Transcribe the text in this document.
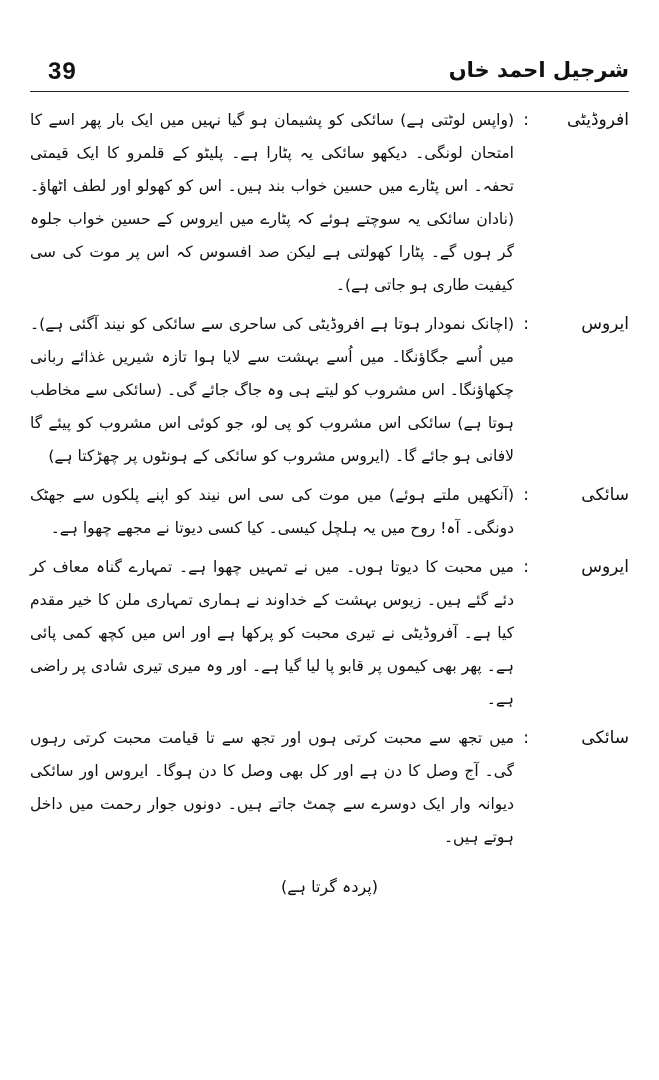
39	شرجیل احمد خاں
افروڈیٹی
:
(واپس لوٹتی ہے) سائکی کو پشیمان ہو گیا نہیں میں ایک بار پھر اسے کا امتحان لونگی۔ دیکھو سائکی یہ پٹارا ہے۔ پلیٹو کے قلمرو کا ایک قیمتی تحفہ۔ اس پٹارے میں حسین خواب بند ہیں۔ اس کو کھولو اور لطف اٹھاؤ۔ (نادان سائکی یہ سوچتے ہوئے کہ پٹارے میں ایروس کے حسین خواب جلوہ گر ہوں گے۔ پٹارا کھولتی ہے لیکن صد افسوس کہ اس پر موت کی سی کیفیت طاری ہو جاتی ہے)۔
ایروس
:
(اچانک نمودار ہوتا ہے افروڈیٹی کی ساحری سے سائکی کو نیند آگئی ہے)۔ میں اُسے جگاؤنگا۔ میں اُسے بہشت سے لایا ہوا تازہ شیریں غذائے ربانی چکھاؤنگا۔ اس مشروب کو لیتے ہی وہ جاگ جائے گی۔ (سائکی سے مخاطب ہوتا ہے) سائکی اس مشروب کو پی لو، جو کوئی اس مشروب کو پیئے گا لافانی ہو جائے گا۔ (ایروس مشروب کو سائکی کے ہونٹوں پر چھڑکتا ہے)
سائکی
:
(آنکھیں ملتے ہوئے) میں موت کی سی اس نیند کو اپنے پلکوں سے جھٹک دونگی۔ آہ! روح میں یہ ہلچل کیسی۔ کیا کسی دیوتا نے مجھے چھوا ہے۔
ایروس
:
میں محبت کا دیوتا ہوں۔ میں نے تمہیں چھوا ہے۔ تمہارے گناہ معاف کر دئے گئے ہیں۔ زیوس بہشت کے خداوند نے ہماری تمہاری ملن کا خیر مقدم کیا ہے۔ آفروڈیٹی نے تیری محبت کو پرکھا ہے اور اس میں کچھ کمی پائی ہے۔ پھر بھی کیموں پر قابو پا لیا گیا ہے۔ اور وہ میری تیری شادی پر راضی ہے۔
سائکی
:
میں تجھ سے محبت کرتی ہوں اور تجھ سے تا قیامت محبت کرتی رہوں گی۔ آج وصل کا دن ہے اور کل بھی وصل کا دن ہوگا۔ ایروس اور سائکی دیوانہ وار ایک دوسرے سے چمٹ جاتے ہیں۔ دونوں جوار رحمت میں داخل ہوتے ہیں۔
(پردہ گرتا ہے)
